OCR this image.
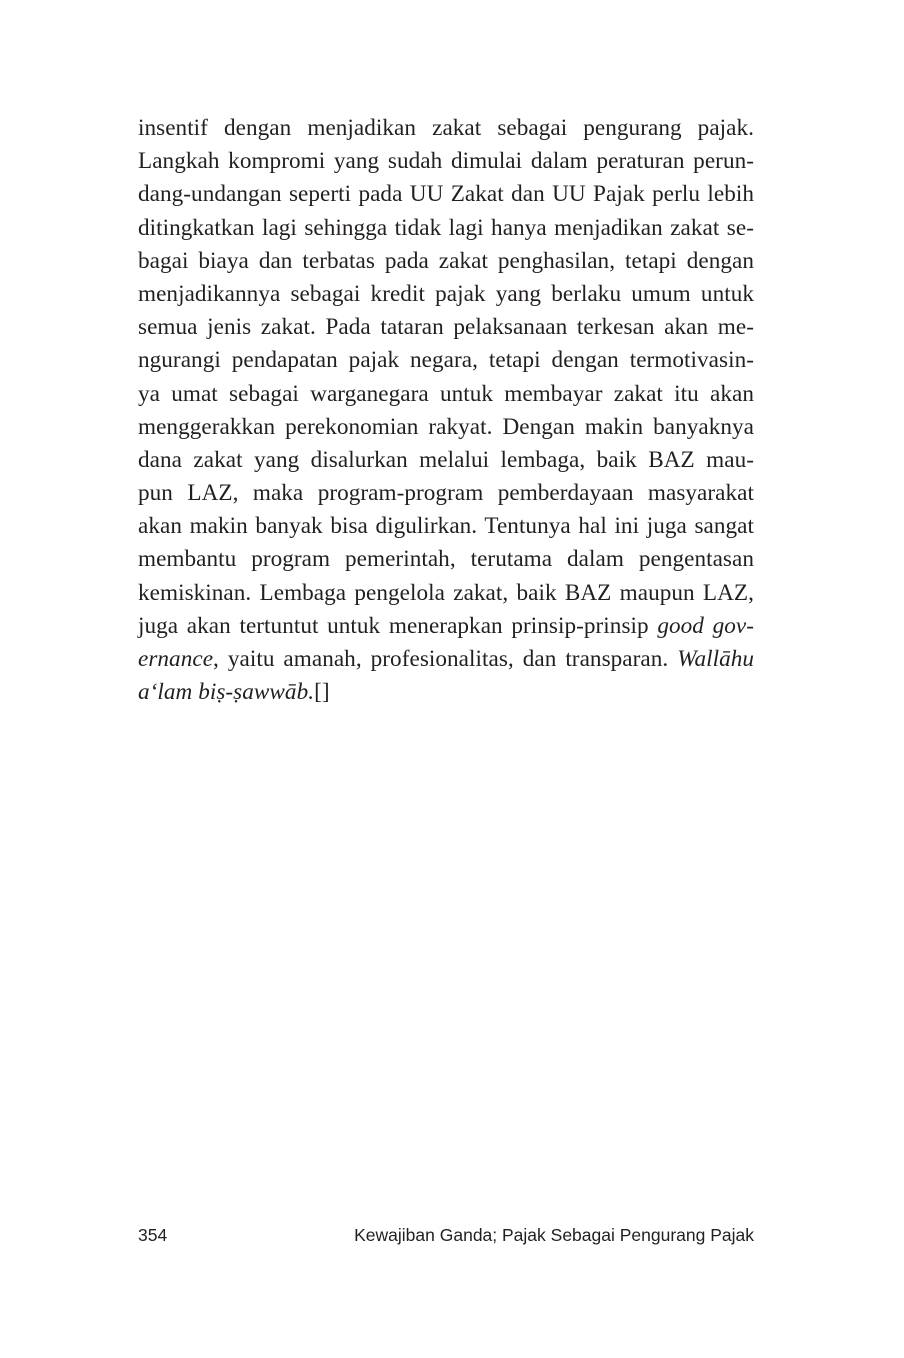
insentif dengan menjadikan zakat sebagai pengurang pajak.
Langkah kompromi yang sudah dimulai dalam peraturan perun-
dang-undangan seperti pada UU Zakat dan UU Pajak perlu lebih
ditingkatkan lagi sehingga tidak lagi hanya menjadikan zakat se-
bagai biaya dan terbatas pada zakat penghasilan, tetapi dengan
menjadikannya sebagai kredit pajak yang berlaku umum untuk
semua jenis zakat. Pada tataran pelaksanaan terkesan akan me-
ngurangi pendapatan pajak negara, tetapi dengan termotivasin-
ya umat sebagai warganegara untuk membayar zakat itu akan
menggerakkan perekonomian rakyat. Dengan makin banyaknya
dana zakat yang disalurkan melalui lembaga, baik BAZ mau-
pun LAZ, maka program-program pemberdayaan masyarakat
akan makin banyak bisa digulirkan. Tentunya hal ini juga sangat
membantu program pemerintah, terutama dalam pengentasan
kemiskinan. Lembaga pengelola zakat, baik BAZ maupun LAZ,
juga akan tertuntut untuk menerapkan prinsip-prinsip good gov-
ernance, yaitu amanah, profesionalitas, dan transparan. Wallāhu
a‘lam biṣ-ṣawwāb.[]
354	Kewajiban Ganda; Pajak Sebagai Pengurang Pajak
